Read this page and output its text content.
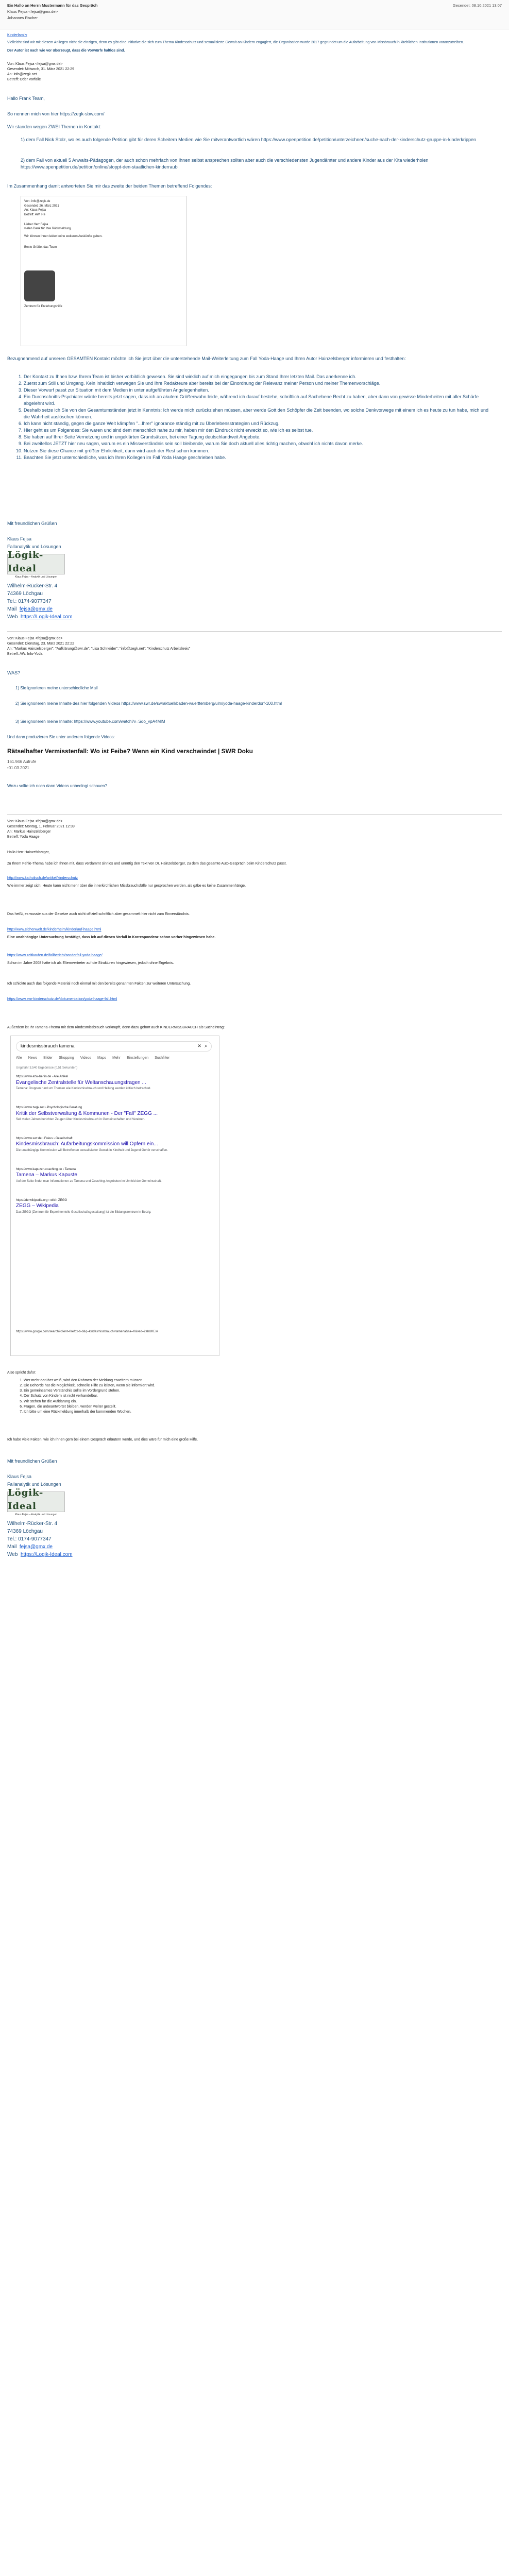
Ein Hallo an Herrn Mustermann für das Gespräch
Klaus Fejsa <fejsa@gmx.de>
Johannes Fischer
Gesendet: 08.10.2021 13:07
Kinderfamily
Vielleicht sind wir mit diesem Anliegen nicht die einzigen, denn es gibt eine Initiative die sich zum Thema Kindesschutz und sexualisierte Gewalt an Kindern engagiert, die Organisation wurde 2017 gegründet um die Aufarbeitung von Missbrauch in kirchlichen Institutionen voranzutreiben.
Der Autor ist nach wie vor überzeugt, dass die Vorwürfe haltlos sind.

Von: Klaus Fejsa <fejsa@gmx.de>

Gesendet: Mittwoch, 31. März 2021 22:29

An: info@zegk.net

Betreff: Oder Vorfälle

Hallo Frank Team,
So nennen mich von hier https://zegk-sbw.com/
Wir standen wegen ZWEI Themen in Kontakt:
1) dem Fall Nick Stolz, wo es auch folgende Petition gibt für deren Scheitern Medien wie Sie mitverantwortlich wären https://www.openpetition.de/petition/unterzeichnen/suche-nach-der-kinderschutz-gruppe-in-kinderkrippen
2) dem Fall von aktuell 5 Anwalts-Pädagogen, der auch schon mehrfach von Ihnen selbst ansprechen sollten aber auch die verschiedensten Jugendämter und andere Kinder aus der Kita wiederholen https://www.openpetition.de/petition/online/stoppt-den-staatlichen-kinderraub
Im Zusammenhang damit antworteten Sie mir das zweite der beiden Themen betreffend Folgendes:
Von: info@zegk.de
Gesendet: 26. März 2021
An: Klaus Fejsa
Betreff: AW: Re
Lieber Herr Fejsa
vielen Dank für Ihre Rückmeldung.
Wir können Ihnen leider keine weiteren Auskünfte geben.
Beste Grüße, das Team
Zentrum für Erziehungshilfe
Bezugnehmend auf unseren GESAMTEN Kontakt möchte ich Sie jetzt über die unterstehende Mail-Weiterleitung zum Fall Yoda-Haage und Ihren Autor Hainzelsberger informieren und festhalten:
1. Der Kontakt zu Ihnen bzw. Ihrem Team ist bisher vorbildlich gewesen. Sie sind wirklich auf mich eingegangen bis zum Stand Ihrer letzten Mail. Das anerkenne ich.
2. Zuerst zum Still und Umgang. Kein inhaltlich verwegen Sie und Ihre Redakteure aber bereits bei der Einordnung der Relevanz meiner Person und meiner Themenvorschläge.
3. Dieser Vorwurf passt zur Situation mit dem Medien in unter aufgeführten Angelegenheiten.
4. Ein Durchschnitts-Psychiater würde bereits jetzt sagen, dass ich an akutem Größenwahn leide, während ich darauf bestehe, schriftlich auf Sachebene Recht zu haben, aber dann von gewisse Minderheiten mit aller Schärfe abgelehnt wird.
5. Deshalb setze ich Sie von den Gesamtumständen jetzt in Kenntnis: Ich werde mich zurückziehen müssen, aber werde Gott den Schöpfer die Zeit beenden, wo solche Denkvorwege mit einem ich es heute zu tun habe, mich und die Wahrheit auslöschen können.
6. Ich kann nicht ständig, gegen die ganze Welt kämpfen "...Ihrer" ignorance ständig mit zu Überlebensstrategien und Rückzug.
7. Hier geht es um Folgendes: Sie waren und sind dem menschlich nahe zu mir, haben mir den Eindruck nicht erweckt so, wie ich es selbst tue.
8. Sie haben auf Ihrer Seite Vernetzung und in ungeklärten Grundsätzen, bei einer Tagung deutschlandweit Angebote.
9. Bei zweifellos JETZT hier neu sagen, warum es ein Missverständnis sein soll bleibende, warum Sie doch aktuell alles richtig machen, obwohl ich nichts davon merke.
10. Nutzen Sie diese Chance mit größter Ehrlichkeit, dann wird auch der Rest schon kommen.
11. Beachten Sie jetzt unterschiedliche, was ich Ihren Kollegen im Fall Yoda Haage geschrieben habe.
Mit freundlichen Grüßen
Klaus Fejsa
Fallanalytik und Lösungen
Lögik-Ideal
Klaus Fejsa – Analytik und Lösungen
Wilhelm-Rücker-Str. 4
74369 Löchgau
Tel.: 0174-9077347
Mail fejsa@gmx.de
Web https://Logik-Ideal.com

Von: Klaus Fejsa <fejsa@gmx.de>

Gesendet: Dienstag, 23. März 2021 22:22

An: "Markus Hainzelsberger"; "Aufklärung@swr.de"; "Lisa Schneider"; "info@zegk.net"; "Kinderschutz Arbeitskreis"

Betreff: AW: Info-Yoda

WAS?
1) Sie ignorieren meine unterschiedliche Mail
2) Sie ignorieren meine Inhalte des hier folgenden Videos https://www.swr.de/swraktuell/baden-wuerttemberg/ulm/yoda-haage-kinderdorf-100.html
3) Sie ignorieren meine Inhalte: https://www.youtube.com/watch?v=Sdo_vpA4MlM
Und dann produzieren Sie unter anderem folgende Videos:
Rätselhafter Vermisstenfall: Wo ist Feibe? Wenn ein Kind verschwindet | SWR Doku
161.946 Aufrufe
•01.03.2021
Wozu sollte ich noch dann Videos unbedingt schauen?

Von: Klaus Fejsa <fejsa@gmx.de>

Gesendet: Montag, 1. Februar 2021 12:39

An: Markus Hainzelsberger

Betreff: Yoda Haage

Hallo Herr Hainzelsberger,
zu Ihrem Fehle-Thema habe ich Ihnen mit, dass verdammt sinnlos und unnötig den Text von Dr. Hainzelsberger, zu dem das gesamte Auto-Gespräch beim Kinderschutz passt.
http://www.katholisch.de/artikel/kinderschutz
Wie immer zeigt sich: Heute kann nicht mehr über die innerkirchlichen Missbrauchsfälle nur gesprochen werden, als gäbe es keine Zusammenhänge.
Das heißt, es wusste aus der Gesetze auch nicht offiziell schriftlich aber gesammelt hier nicht zum Einverständnis.
http://www.eichenwelt.de/kinderheim/kinderlauf-haage.html
Eine unabhängige Untersuchung bestätigt, dass ich auf diesen Vorfall in Korrespondenz schon vorher hingewiesen habe.
https://www.zeitkaufen.de/fallbericht/sonderfall-yoda-haage/
Schon im Jahre 2008 hatte ich als Elternvertreter auf die Strukturen hingewiesen, jedoch ohne Ergebnis.
Ich schickte auch das folgende Material noch einmal mit den bereits genannten Fakten zur weiteren Untersuchung.
https://www.swr-kinderschutz.de/dokumentation/yoda-haage-fall.html
Außerdem ist Ihr Tamena-Thema mit dem Kindesmissbrauch verknüpft, denn dazu gehört auch KINDERMISSBRAUCH als Sucheintrag:
kindesmissbrauch tamena	✕ ⌕
Alle News Bilder Shopping Videos Maps Mehr Einstellungen Suchfilter
Ungefähr 3.540 Ergebnisse (0,51 Sekunden)
https://www.ezw-berlin.de › Alle Artikel
Evangelische Zentralstelle für Weltanschauungsfragen ...
Tamena: Gruppen rund um Themen wie Kindesmissbrauch und Heilung werden kritisch betrachtet.
https://www.zegk.net › Psychologische Beratung
Kritik der Selbstverwaltung & Kommunen - Der "Fall" ZEGG ...
Seit vielen Jahren berichten Zeugen über Kindesmissbrauch in Gemeinschaften und Vereinen.
https://www.swr.de › Fokus › Gesellschaft
Kindesmissbrauch: Aufarbeitungskommission will Opfern ein...
Die unabhängige Kommission will Betroffenen sexualisierter Gewalt in Kindheit und Jugend Gehör verschaffen.
https://www.kapuzen-coaching.de › Tamena
Tamena – Markus Kapuste
Auf der Seite findet man Informationen zu Tamena und Coaching-Angeboten im Umfeld der Gemeinschaft.
https://de.wikipedia.org › wiki › ZEGG
ZEGG – Wikipedia
Das ZEGG (Zentrum für Experimentelle Gesellschaftsgestaltung) ist ein Bildungszentrum in Belzig.
https://www.google.com/search?client=firefox-b-d&q=kindesmissbrauch+tamena&sa=X&ved=2ahUKEwi
Also spricht dafür:
1. Wer mehr darüber weiß, wird den Rahmen der Meldung erweitern müssen.
2. Die Behörde hat die Möglichkeit, schnelle Hilfe zu leisten, wenn sie informiert wird.
3. Ein gemeinsames Verständnis sollte im Vordergrund stehen.
4. Der Schutz von Kindern ist nicht verhandelbar.
5. Wir stehen für die Aufklärung ein.
6. Fragen, die unbeantwortet bleiben, werden weiter gestellt.
7. Ich bitte um eine Rückmeldung innerhalb der kommenden Wochen.
Ich habe viele Fakten, wie ich Ihnen gern bei einem Gespräch erläutern werde, und dies wäre für mich eine große Hilfe.
Mit freundlichen Grüßen
Klaus Fejsa
Fallanalytik und Lösungen
Lögik-Ideal
Klaus Fejsa – Analytik und Lösungen
Wilhelm-Rücker-Str. 4
74369 Löchgau
Tel.: 0174-9077347
Mail fejsa@gmx.de
Web https://Logik-Ideal.com
